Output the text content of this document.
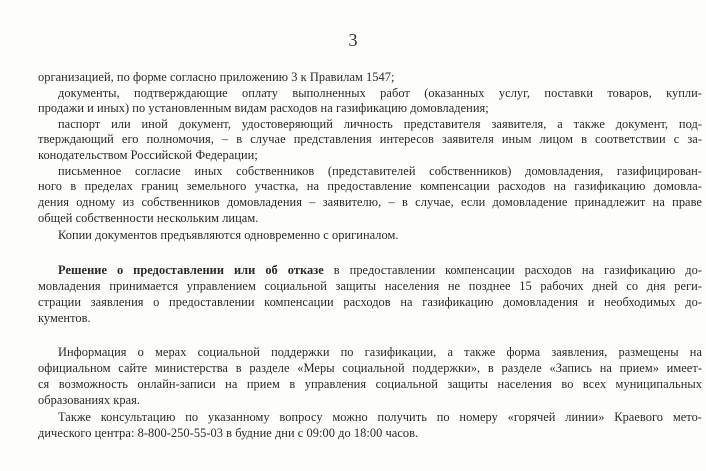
3
организацией, по форме согласно приложению 3 к Правилам 1547;
документы, подтверждающие оплату выполненных работ (оказанных услуг, поставки товаров, купли-
продажи и иных) по установленным видам расходов на газификацию домовладения;
паспорт или иной документ, удостоверяющий личность представителя заявителя, а также документ, под-
тверждающий его полномочия, – в случае представления интересов заявителя иным лицом в соответствии с за-
конодательством Российской Федерации;
письменное согласие иных собственников (представителей собственников) домовладения, газифицирован-
ного в пределах границ земельного участка, на предоставление компенсации расходов на газификацию домовла-
дения одному из собственников домовладения – заявителю, – в случае, если домовладение принадлежит на праве
общей собственности нескольким лицам.
Копии документов предъявляются одновременно с оригиналом.
Решение о предоставлении или об отказе в предоставлении компенсации расходов на газификацию до-
мовладения принимается управлением социальной защиты населения не позднее 15 рабочих дней со дня реги-
страции заявления о предоставлении компенсации расходов на газификацию домовладения и необходимых до-
кументов.
Информация о мерах социальной поддержки по газификации, а также форма заявления, размещены на
официальном сайте министерства в разделе «Меры социальной поддержки», в разделе «Запись на прием» имеет-
ся возможность онлайн-записи на прием в управления социальной защиты населения во всех муниципальных
образованиях края.
Также консультацию по указанному вопросу можно получить по номеру «горячей линии» Краевого мето-
дического центра: 8-800-250-55-03 в будние дни с 09:00 до 18:00 часов.
